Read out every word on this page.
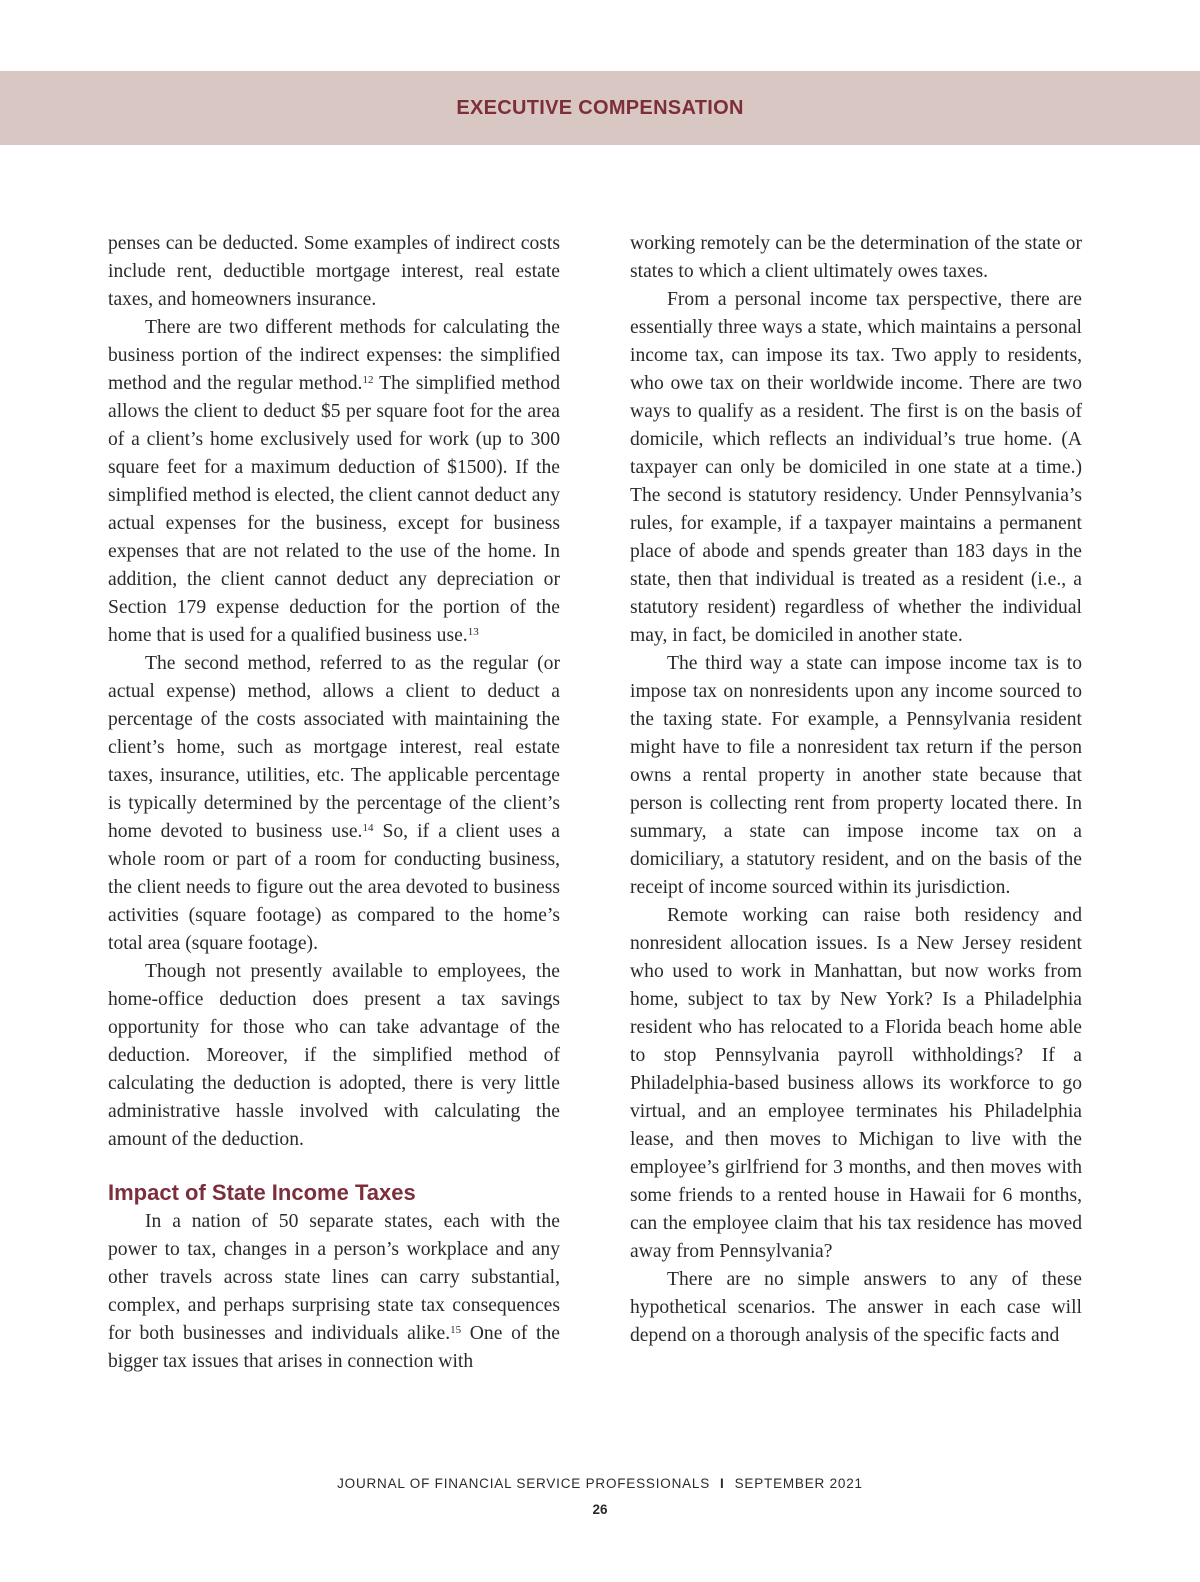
EXECUTIVE COMPENSATION

penses can be deducted. Some examples of indirect costs include rent, deductible mortgage interest, real estate taxes, and homeowners insurance.

There are two different methods for calculating the business portion of the indirect expenses: the simplified method and the regular method.$^{12}$ The simplified method allows the client to deduct $5 per square foot for the area of a client’s home exclusively used for work (up to 300 square feet for a maximum deduction of $1500). If the simplified method is elected, the client cannot deduct any actual expenses for the business, except for business expenses that are not related to the use of the home. In addition, the client cannot deduct any depreciation or Section 179 expense deduction for the portion of the home that is used for a qualified business use.$^{13}$

The second method, referred to as the regular (or actual expense) method, allows a client to deduct a percentage of the costs associated with maintaining the client’s home, such as mortgage interest, real estate taxes, insurance, utilities, etc. The applicable percentage is typically determined by the percentage of the client’s home devoted to business use.$^{14}$ So, if a client uses a whole room or part of a room for conducting business, the client needs to figure out the area devoted to business activities (square footage) as compared to the home’s total area (square footage).

Though not presently available to employees, the home-office deduction does present a tax savings opportunity for those who can take advantage of the deduction. Moreover, if the simplified method of calculating the deduction is adopted, there is very little administrative hassle involved with calculating the amount of the deduction.

Impact of State Income Taxes

In a nation of 50 separate states, each with the power to tax, changes in a person’s workplace and any other travels across state lines can carry substantial, complex, and perhaps surprising state tax consequences for both businesses and individuals alike.$^{15}$ One of the bigger tax issues that arises in connection with

working remotely can be the determination of the state or states to which a client ultimately owes taxes.

From a personal income tax perspective, there are essentially three ways a state, which maintains a personal income tax, can impose its tax. Two apply to residents, who owe tax on their worldwide income. There are two ways to qualify as a resident. The first is on the basis of domicile, which reflects an individual’s true home. (A taxpayer can only be domiciled in one state at a time.) The second is statutory residency. Under Pennsylvania’s rules, for example, if a taxpayer maintains a permanent place of abode and spends greater than 183 days in the state, then that individual is treated as a resident (i.e., a statutory resident) regardless of whether the individual may, in fact, be domiciled in another state.

The third way a state can impose income tax is to impose tax on nonresidents upon any income sourced to the taxing state. For example, a Pennsylvania resident might have to file a nonresident tax return if the person owns a rental property in another state because that person is collecting rent from property located there. In summary, a state can impose income tax on a domiciliary, a statutory resident, and on the basis of the receipt of income sourced within its jurisdiction.

Remote working can raise both residency and nonresident allocation issues. Is a New Jersey resident who used to work in Manhattan, but now works from home, subject to tax by New York? Is a Philadelphia resident who has relocated to a Florida beach home able to stop Pennsylvania payroll withholdings? If a Philadelphia-based business allows its workforce to go virtual, and an employee terminates his Philadelphia lease, and then moves to Michigan to live with the employee’s girlfriend for 3 months, and then moves with some friends to a rented house in Hawaii for 6 months, can the employee claim that his tax residence has moved away from Pennsylvania?

There are no simple answers to any of these hypothetical scenarios. The answer in each case will depend on a thorough analysis of the specific facts and

JOURNAL OF FINANCIAL SERVICE PROFESSIONALS I SEPTEMBER 2021
26
